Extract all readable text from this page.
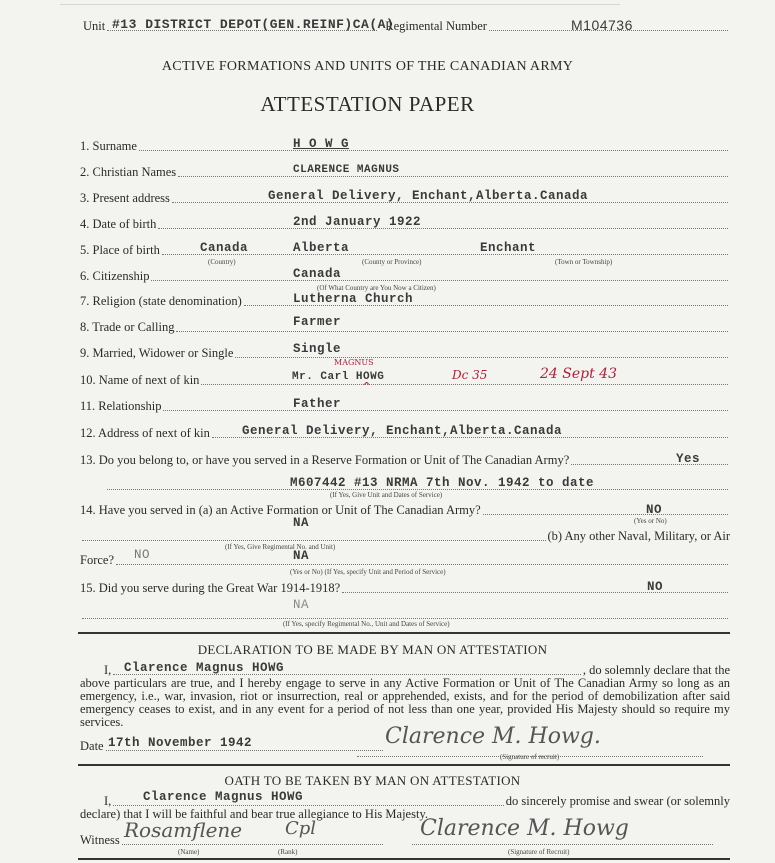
Unit	Regimental Number
#13 DISTRICT DEPOT(GEN.REINF)CA(A)	M104736
ACTIVE FORMATIONS AND UNITS OF THE CANADIAN ARMY
ATTESTATION PAPER
1. Surname	H O W G
2. Christian Names	CLARENCE MAGNUS
3. Present address	General Delivery, Enchant,Alberta.Canada
4. Date of birth	2nd January 1922
5. Place of birth	Canada	Alberta	Enchant
(Country)	(County or Province)	(Town or Township)
6. Citizenship	Canada
(Of What Country are You Now a Citizen)
7. Religion (state denomination)	Lutherna Church
8. Trade or Calling	Farmer
9. Married, Widower or Single	Single
10. Name of next of kin	Mr. Carl HOWG
MAGNUS
^
Dc 35	24 Sept 43
11. Relationship	Father
12. Address of next of kin	General Delivery, Enchant,Alberta.Canada
13. Do you belong to, or have you served in a Reserve Formation or Unit of The Canadian Army?	Yes
M607442 #13 NRMA 7th Nov. 1942 to date
(If Yes, Give Unit and Dates of Service)
14. Have you served in (a) an Active Formation or Unit of The Canadian Army?	NO
(Yes or No)
NA
(b) Any other Naval, Military, or Air
(If Yes, Give Regimental No. and Unit)
Force? NO	NA
(Yes or No) (If Yes, specify Unit and Period of Service)
15. Did you serve during the Great War 1914-1918?	NO
NA
(If Yes, specify Regimental No., Unit and Dates of Service)
DECLARATION TO BE MADE BY MAN ON ATTESTATION
I,	, do solemnly declare that the
Clarence Magnus HOWG
above particulars are true, and I hereby engage to serve in any Active Formation or Unit of The Canadian Army so long as an emergency, i.e., war, invasion, riot or insurrection, real or apprehended, exists, and for the period of demobilization after said emergency ceases to exist, and in any event for a period of not less than one year, provided His Majesty should so require my services.
Date 17th November 1942	Clarence M. Howg.
(Signature of recruit)
OATH TO BE TAKEN BY MAN ON ATTESTATION
I,	do sincerely promise and swear (or solemnly
Clarence Magnus HOWG
declare) that I will be faithful and bear true allegiance to His Majesty.
Witness Rosamflene Cpl	Clarence M. Howg
(Name)	(Rank)	(Signature of Recruit)
